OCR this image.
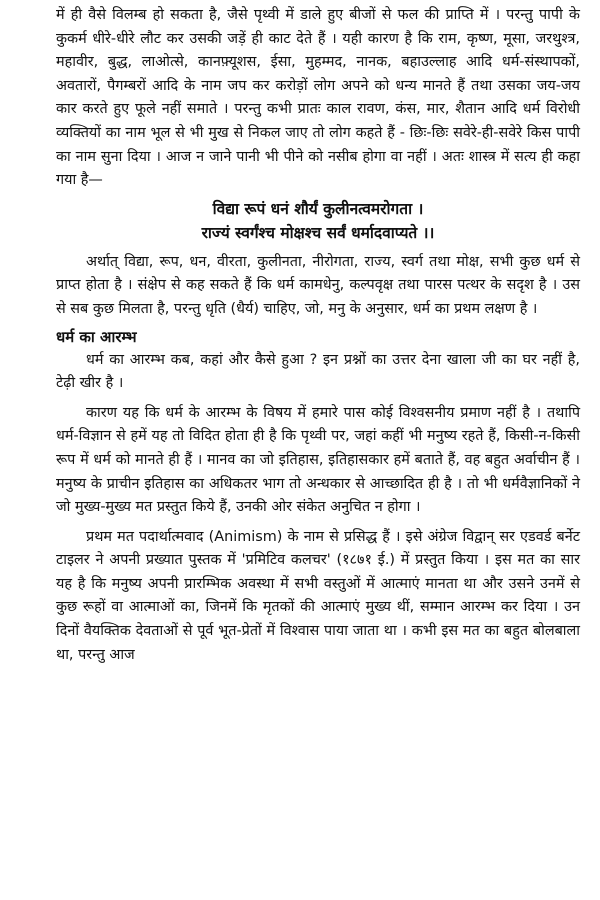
में ही वैसे विलम्ब हो सकता है, जैसे पृथ्वी में डाले हुए बीजों से फल की प्राप्ति में । परन्तु पापी के कुकर्म धीरे-धीरे लौट कर उसकी जड़ें ही काट देते हैं । यही कारण है कि राम, कृष्ण, मूसा, जरथुश्त्र, महावीर, बुद्ध, लाओत्से, कानफ़्यूशस, ईसा, मुहम्मद, नानक, बहाउल्लाह आदि धर्म-संस्थापकों, अवतारों, पैगम्बरों आदि के नाम जप कर करोड़ों लोग अपने को धन्य मानते हैं तथा उसका जय-जय कार करते हुए फूले नहीं समाते । परन्तु कभी प्रातः काल रावण, कंस, मार, शैतान आदि धर्म विरोधी व्यक्तियों का नाम भूल से भी मुख से निकल जाए तो लोग कहते हैं - छिः-छिः सवेरे-ही-सवेरे किस पापी का नाम सुना दिया । आज न जाने पानी भी पीने को नसीब होगा वा नहीं । अतः शास्त्र में सत्य ही कहा गया है—

विद्या रूपं धनं शौर्यं कुलीनत्वमरोगता ।
राज्यं स्वर्गंश्च मोक्षश्च सर्वं धर्मादवाप्यते ।।

अर्थात् विद्या, रूप, धन, वीरता, कुलीनता, नीरोगता, राज्य, स्वर्ग तथा मोक्ष, सभी कुछ धर्म से प्राप्त होता है । संक्षेप से कह सकते हैं कि धर्म कामधेनु, कल्पवृक्ष तथा पारस पत्थर के सदृश है । उस से सब कुछ मिलता है, परन्तु धृति (धैर्य) चाहिए, जो, मनु के अनुसार, धर्म का प्रथम लक्षण है ।

धर्म का आरम्भ

धर्म का आरम्भ कब, कहां और कैसे हुआ ? इन प्रश्नों का उत्तर देना खाला जी का घर नहीं है, टेढ़ी खीर है ।

कारण यह कि धर्म के आरम्भ के विषय में हमारे पास कोई विश्वसनीय प्रमाण नहीं है । तथापि धर्म-विज्ञान से हमें यह तो विदित होता ही है कि पृथ्वी पर, जहां कहीं भी मनुष्य रहते हैं, किसी-न-किसी रूप में धर्म को मानते ही हैं । मानव का जो इतिहास, इतिहासकार हमें बताते हैं, वह बहुत अर्वाचीन हैं । मनुष्य के प्राचीन इतिहास का अधिकतर भाग तो अन्धकार से आच्छादित ही है । तो भी धर्मवैज्ञानिकों ने जो मुख्य-मुख्य मत प्रस्तुत किये हैं, उनकी ओर संकेत अनुचित न होगा ।

प्रथम मत पदार्थात्मवाद (Animism) के नाम से प्रसिद्ध हैं । इसे अंग्रेज विद्वान् सर एडवर्ड बर्नेट टाइलर ने अपनी प्रख्यात पुस्तक में 'प्रमिटिव कलचर' (१८७१ ई.) में प्रस्तुत किया । इस मत का सार यह है कि मनुष्य अपनी प्रारम्भिक अवस्था में सभी वस्तुओं में आत्माएं मानता था और उसने उनमें से कुछ रूहों वा आत्माओं का, जिनमें कि मृतकों की आत्माएं मुख्य थीं, सम्मान आरम्भ कर दिया । उन दिनों वैयक्तिक देवताओं से पूर्व भूत-प्रेतों में विश्वास पाया जाता था । कभी इस मत का बहुत बोलबाला था, परन्तु आज
